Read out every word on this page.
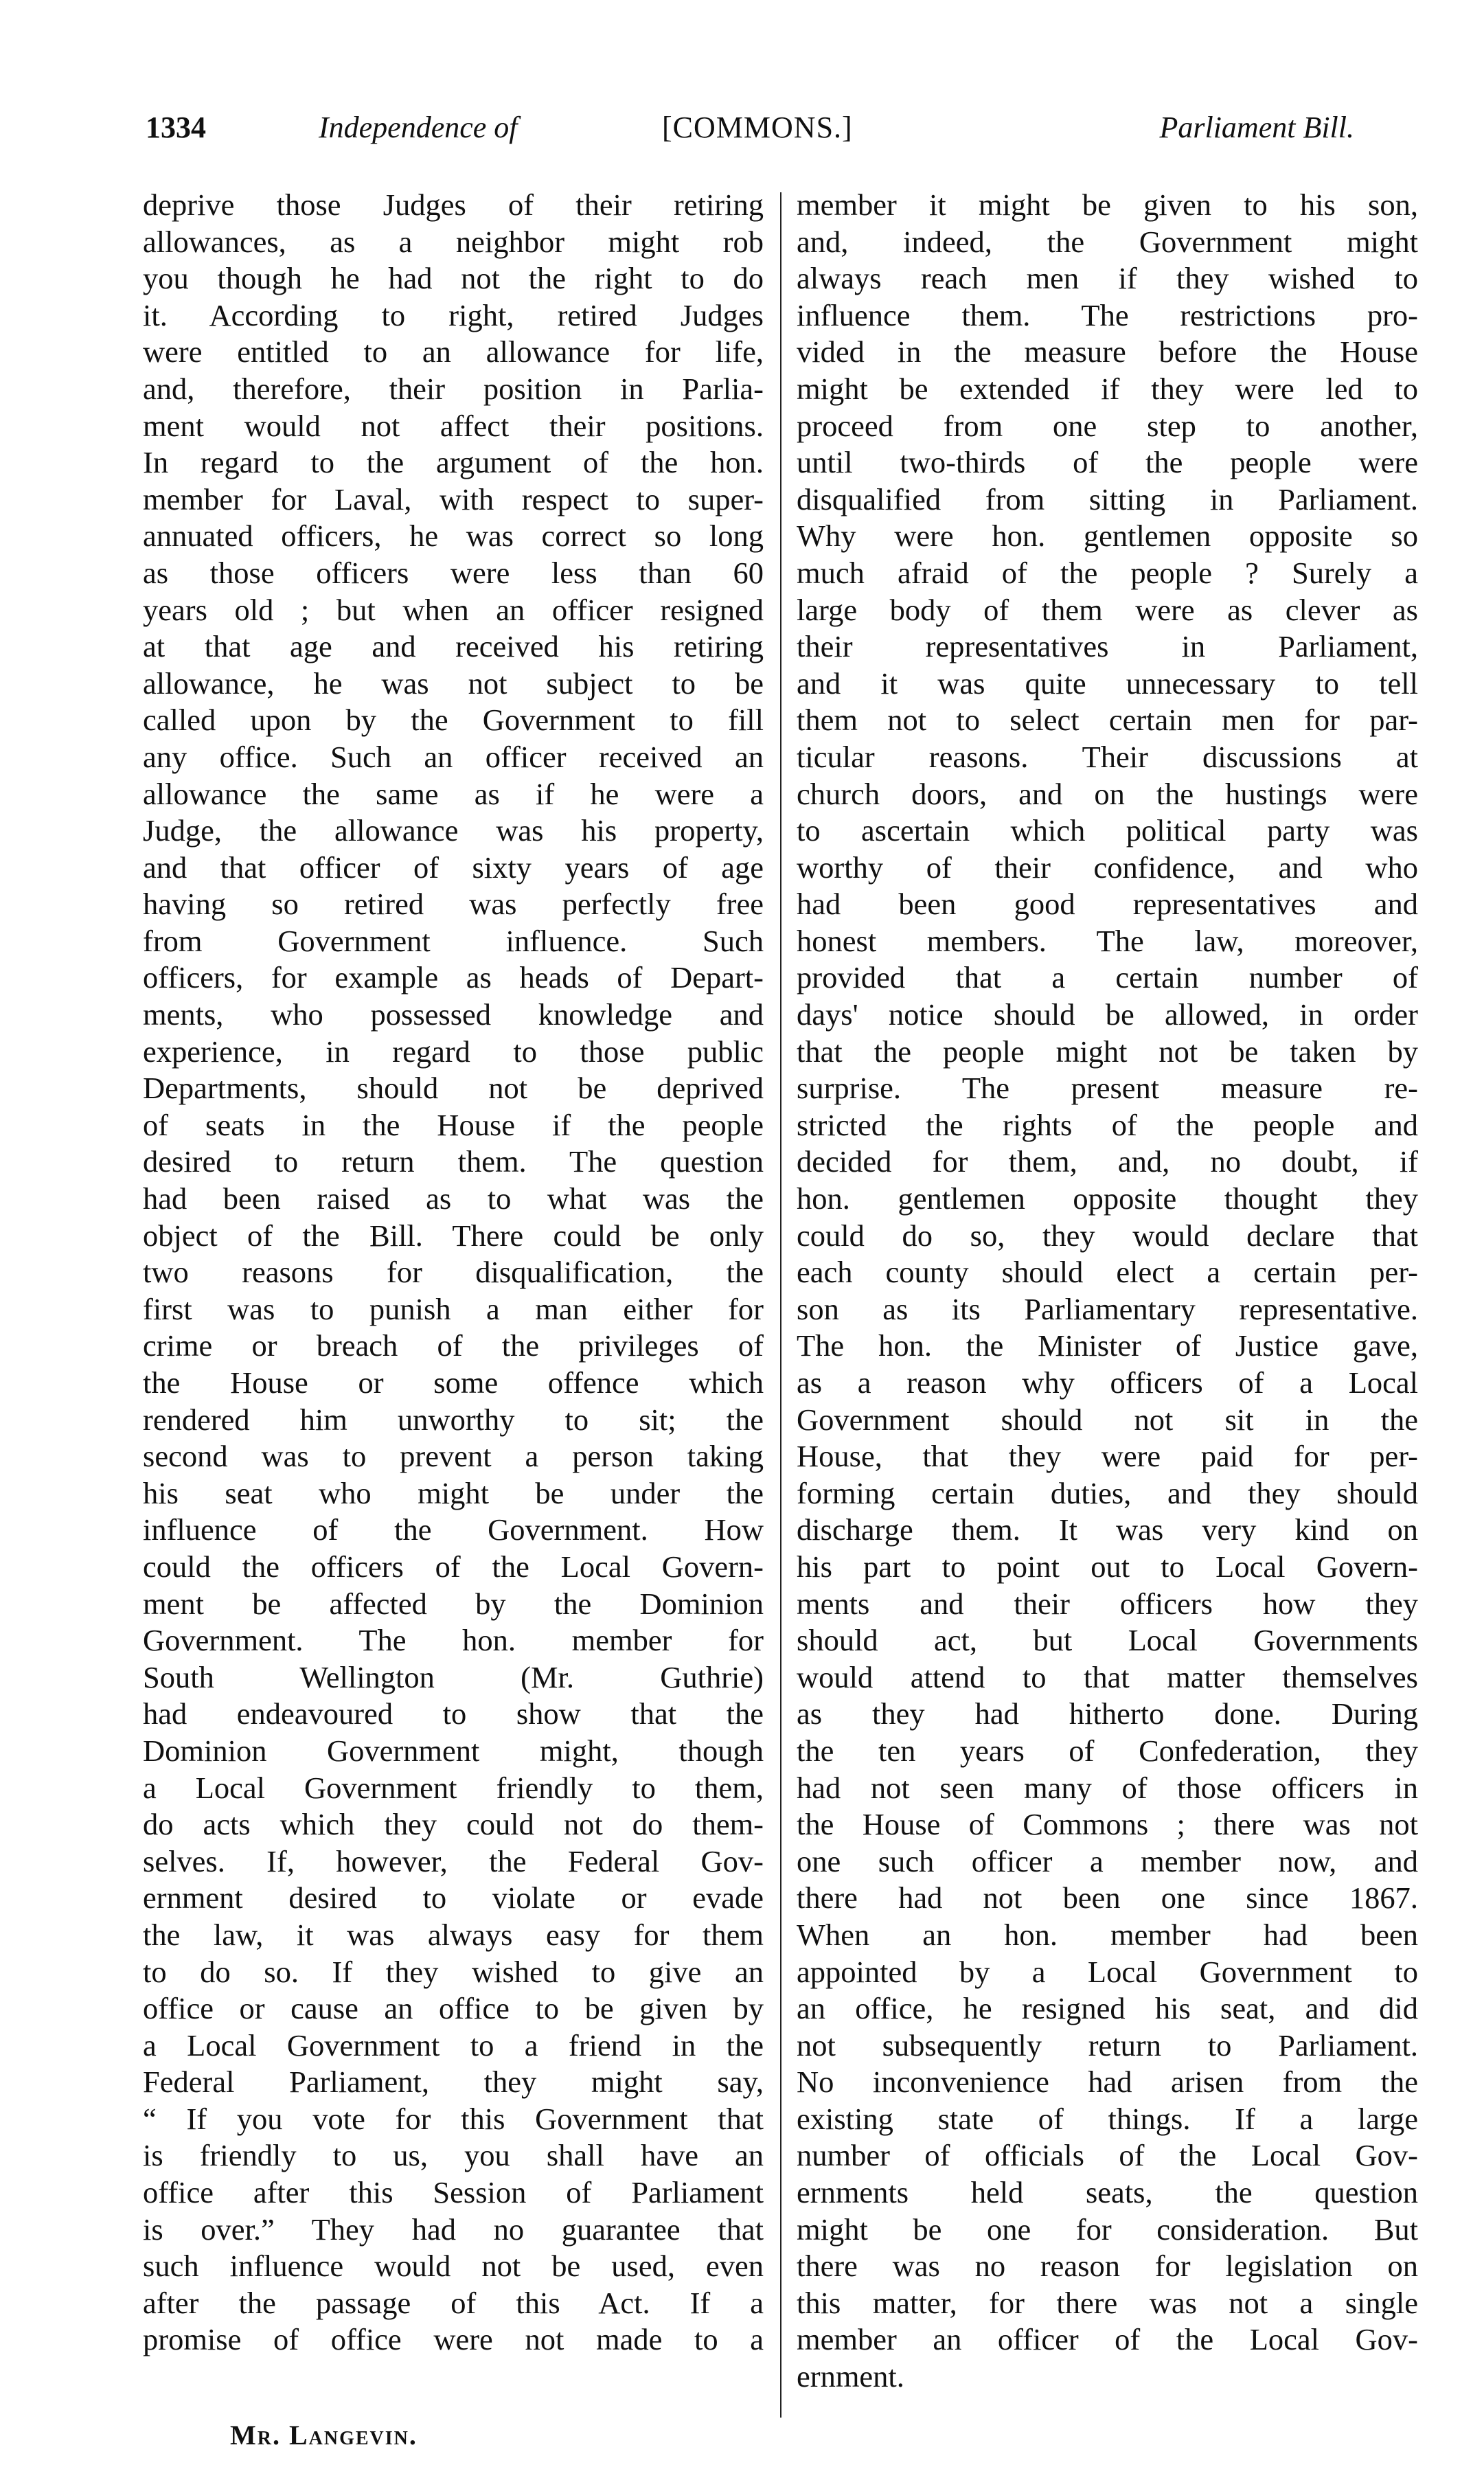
1334	Independence of	[COMMONS.]	Parliament Bill.
deprive those Judges of their retiring
allowances, as a neighbor might rob
you though he had not the right to do
it. According to right, retired Judges
were entitled to an allowance for life,
and, therefore, their position in Parlia-
ment would not affect their positions.
In regard to the argument of the hon.
member for Laval, with respect to super-
annuated officers, he was correct so long
as those officers were less than 60
years old ; but when an officer resigned
at that age and received his retiring
allowance, he was not subject to be
called upon by the Government to fill
any office. Such an officer received an
allowance the same as if he were a
Judge, the allowance was his property,
and that officer of sixty years of age
having so retired was perfectly free
from Government influence. Such
officers, for example as heads of Depart-
ments, who possessed knowledge and
experience, in regard to those public
Departments, should not be deprived
of seats in the House if the people
desired to return them. The question
had been raised as to what was the
object of the Bill. There could be only
two reasons for disqualification, the
first was to punish a man either for
crime or breach of the privileges of
the House or some offence which
rendered him unworthy to sit; the
second was to prevent a person taking
his seat who might be under the
influence of the Government. How
could the officers of the Local Govern-
ment be affected by the Dominion
Government. The hon. member for
South Wellington (Mr. Guthrie)
had endeavoured to show that the
Dominion Government might, though
a Local Government friendly to them,
do acts which they could not do them-
selves. If, however, the Federal Gov-
ernment desired to violate or evade
the law, it was always easy for them
to do so. If they wished to give an
office or cause an office to be given by
a Local Government to a friend in the
Federal Parliament, they might say,
“ If you vote for this Government that
is friendly to us, you shall have an
office after this Session of Parliament
is over.” They had no guarantee that
such influence would not be used, even
after the passage of this Act. If a
promise of office were not made to a
member it might be given to his son,
and, indeed, the Government might
always reach men if they wished to
influence them. The restrictions pro-
vided in the measure before the House
might be extended if they were led to
proceed from one step to another,
until two-thirds of the people were
disqualified from sitting in Parliament.
Why were hon. gentlemen opposite so
much afraid of the people ? Surely a
large body of them were as clever as
their representatives in Parliament,
and it was quite unnecessary to tell
them not to select certain men for par-
ticular reasons. Their discussions at
church doors, and on the hustings were
to ascertain which political party was
worthy of their confidence, and who
had been good representatives and
honest members. The law, moreover,
provided that a certain number of
days' notice should be allowed, in order
that the people might not be taken by
surprise. The present measure re-
stricted the rights of the people and
decided for them, and, no doubt, if
hon. gentlemen opposite thought they
could do so, they would declare that
each county should elect a certain per-
son as its Parliamentary representative.
The hon. the Minister of Justice gave,
as a reason why officers of a Local
Government should not sit in the
House, that they were paid for per-
forming certain duties, and they should
discharge them. It was very kind on
his part to point out to Local Govern-
ments and their officers how they
should act, but Local Governments
would attend to that matter themselves
as they had hitherto done. During
the ten years of Confederation, they
had not seen many of those officers in
the House of Commons ; there was not
one such officer a member now, and
there had not been one since 1867.
When an hon. member had been
appointed by a Local Government to
an office, he resigned his seat, and did
not subsequently return to Parliament.
No inconvenience had arisen from the
existing state of things. If a large
number of officials of the Local Gov-
ernments held seats, the question
might be one for consideration. But
there was no reason for legislation on
this matter, for there was not a single
member an officer of the Local Gov-
ernment.
Mr. Langevin.
